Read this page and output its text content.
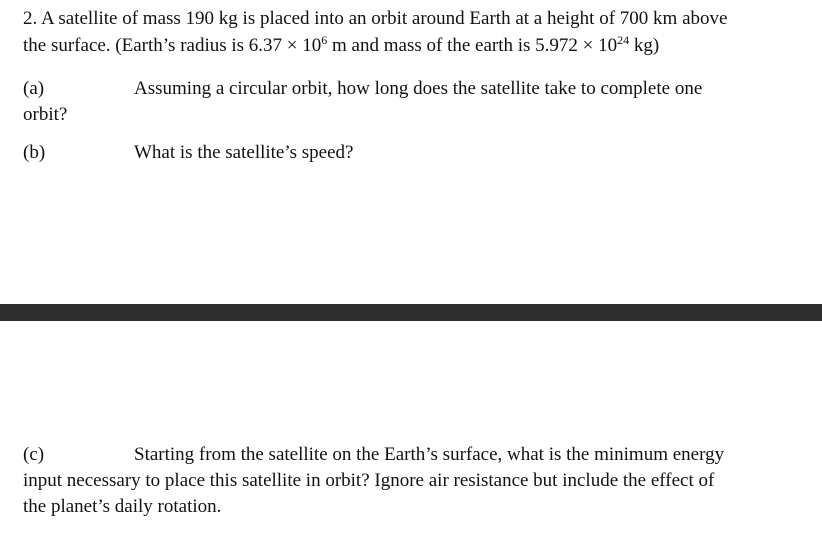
2. A satellite of mass 190 kg is placed into an orbit around Earth at a height of 700 km above
the surface. (Earth’s radius is $6.37 \times 10^6$ m and mass of the earth is $5.972 \times 10^{24}$ kg)
(a)	Assuming a circular orbit, how long does the satellite take to complete one
orbit?
(b)	What is the satellite’s speed?
(c)	Starting from the satellite on the Earth’s surface, what is the minimum energy
input necessary to place this satellite in orbit? Ignore air resistance but include the effect of
the planet’s daily rotation.
